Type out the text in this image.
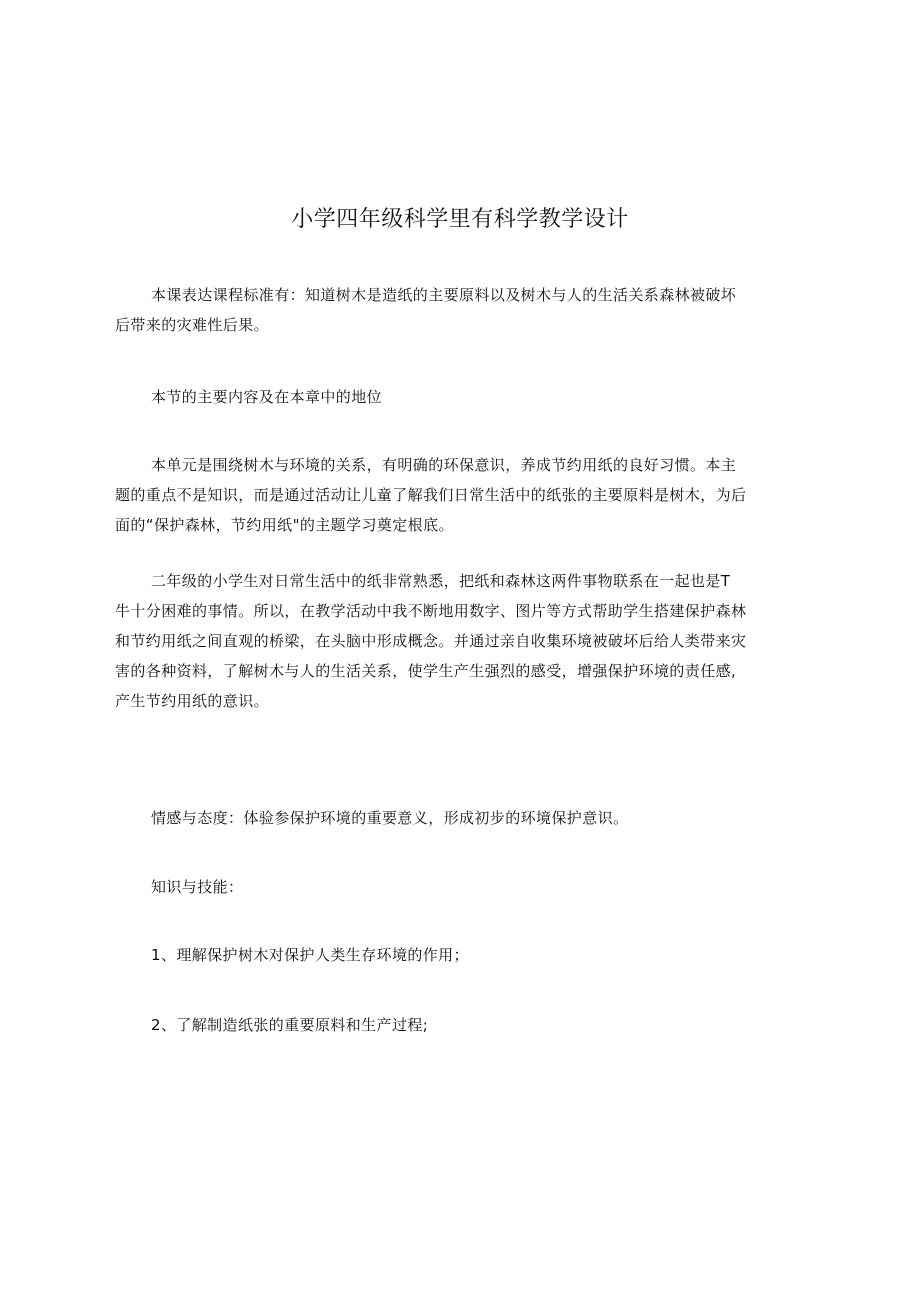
小学四年级科学里有科学教学设计

本课表达课程标准有：知道树木是造纸的主要原料以及树木与人的生活关系森林被破坏
后带来的灾难性后果。

本节的主要内容及在本章中的地位

本单元是围绕树木与环境的关系，有明确的环保意识，养成节约用纸的良好习惯。本主
题的重点不是知识，而是通过活动让儿童了解我们日常生活中的纸张的主要原料是树木，为后
面的“保护森林，节约用纸"的主题学习奠定根底。

二年级的小学生对日常生活中的纸非常熟悉，把纸和森林这两件事物联系在一起也是T
牛十分困难的事情。所以，在教学活动中我不断地用数字、图片等方式帮助学生搭建保护森林
和节约用纸之间直观的桥梁，在头脑中形成概念。并通过亲自收集环境被破坏后给人类带来灾
害的各种资料，了解树木与人的生活关系，使学生产生强烈的感受，增强保护环境的责任感,
产生节约用纸的意识。

情感与态度：体验参保护环境的重要意义，形成初步的环境保护意识。

知识与技能：

1、理解保护树木对保护人类生存环境的作用；

2、了解制造纸张的重要原料和生产过程;
